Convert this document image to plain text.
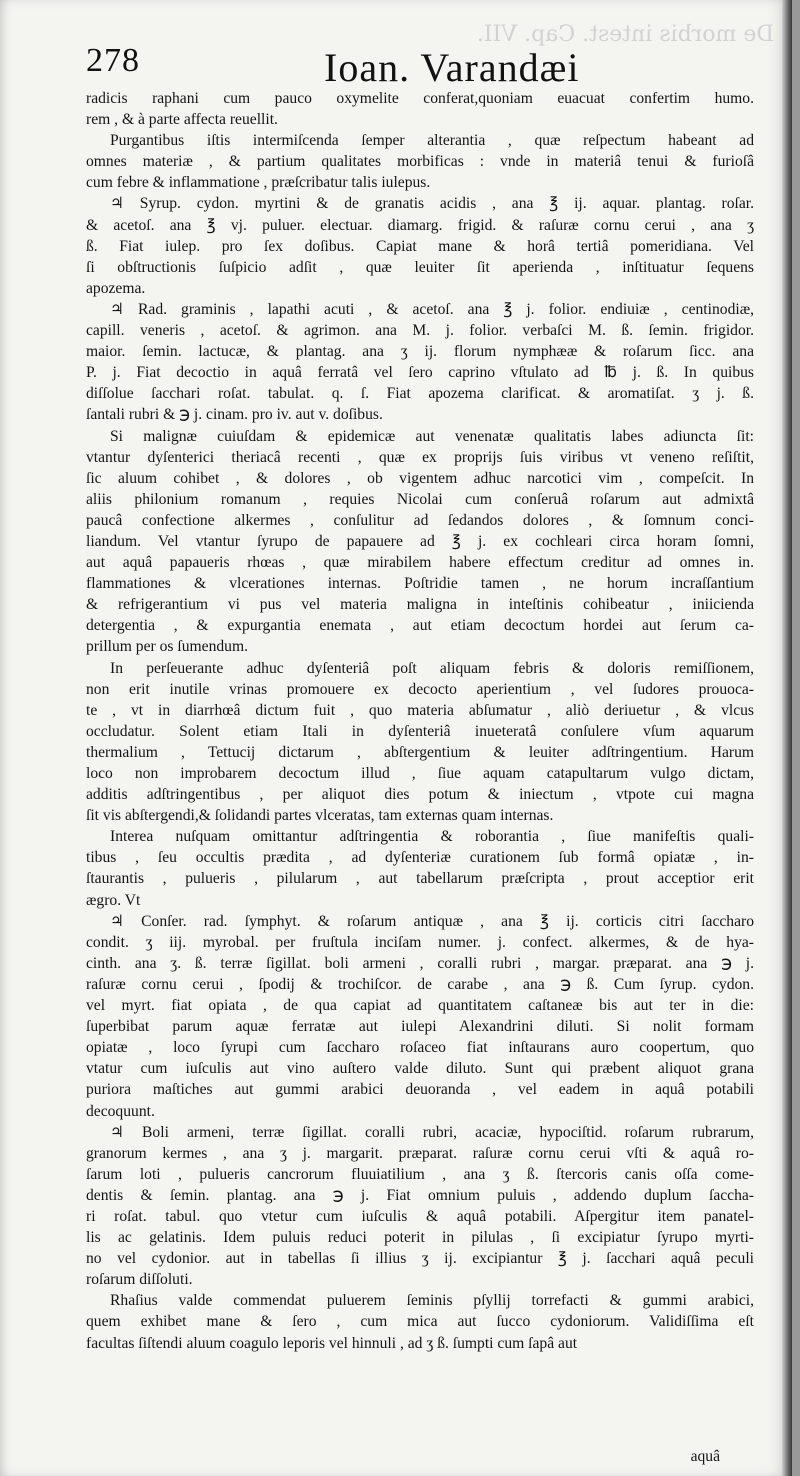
De morbis intest. Cap. VII.
278	Ioan. Varandæi
radicis raphani cum pauco oxymelite conferat,quoniam euacuat confertim humo.
rem , & à parte affecta reuellit.
Purgantibus iſtis intermiſcenda ſemper alterantia , quæ reſpectum habeant ad
omnes materiæ , & partium qualitates morbificas : vnde in materiâ tenui & furioſâ
cum febre & inflammatione , præſcribatur talis iulepus.
♃ Syrup. cydon. myrtini & de granatis acidis , ana ℥ ij. aquar. plantag. roſar.
& acetoſ. ana ℥ vj. puluer. electuar. diamarg. frigid. & raſuræ cornu cerui , ana ʒ
ß. Fiat iulep. pro ſex doſibus. Capiat mane & horâ tertiâ pomeridiana. Vel
ſi obſtructionis ſuſpicio adſit , quæ leuiter ſit aperienda , inſtituatur ſequens
apozema.
♃ Rad. graminis , lapathi acuti , & acetoſ. ana ℥ j. folior. endiuiæ , centinodiæ,
capill. veneris , acetoſ. & agrimon. ana M. j. folior. verbaſci M. ß. ſemin. frigidor.
maior. ſemin. lactucæ, & plantag. ana ʒ ij. florum nymphææ & roſarum ſicc. ana
P. j. Fiat decoctio in aquâ ferratâ vel ſero caprino vſtulato ad ℔ j. ß. In quibus
diſſolue ſacchari roſat. tabulat. q. ſ. Fiat apozema clarificat. & aromatiſat. ʒ j. ß.
ſantali rubri & ℈ j. cinam. pro iv. aut v. doſibus.
Si malignæ cuiuſdam & epidemicæ aut venenatæ qualitatis labes adiuncta ſit:
vtantur dyſenterici theriacâ recenti , quæ ex proprijs ſuis viribus vt veneno reſiſtit,
ſic aluum cohibet , & dolores , ob vigentem adhuc narcotici vim , compeſcit. In
aliis philonium romanum , requies Nicolai cum conſeruâ roſarum aut admixtâ
paucâ confectione alkermes , conſulitur ad ſedandos dolores , & ſomnum conci-
liandum. Vel vtantur ſyrupo de papauere ad ℥ j. ex cochleari circa horam ſomni,
aut aquâ papaueris rhœas , quæ mirabilem habere effectum creditur ad omnes in.
flammationes & vlcerationes internas. Poſtridie tamen , ne horum incraſſantium
& refrigerantium vi pus vel materia maligna in inteſtinis cohibeatur , iniicienda
detergentia , & expurgantia enemata , aut etiam decoctum hordei aut ſerum ca-
prillum per os ſumendum.
In perſeuerante adhuc dyſenteriâ poſt aliquam febris & doloris remiſſionem,
non erit inutile vrinas promouere ex decocto aperientium , vel ſudores prouoca-
te , vt in diarrhœâ dictum fuit , quo materia abſumatur , aliò deriuetur , & vlcus
occludatur. Solent etiam Itali in dyſenteriâ inueteratâ conſulere vſum aquarum
thermalium , Tettucij dictarum , abſtergentium & leuiter adſtringentium. Harum
loco non improbarem decoctum illud , ſiue aquam catapultarum vulgo dictam,
additis adſtringentibus , per aliquot dies potum & iniectum , vtpote cui magna
ſit vis abſtergendi,& ſolidandi partes vlceratas, tam externas quam internas.
Interea nuſquam omittantur adſtringentia & roborantia , ſiue manifeſtis quali-
tibus , ſeu occultis prædita , ad dyſenteriæ curationem ſub formâ opiatæ , in-
ſtaurantis , pulueris , pilularum , aut tabellarum præſcripta , prout acceptior erit
ægro. Vt
♃ Conſer. rad. ſymphyt. & roſarum antiquæ , ana ℥ ij. corticis citri ſaccharo
condit. ʒ iij. myrobal. per fruſtula inciſam numer. j. confect. alkermes, & de hya-
cinth. ana ʒ. ß. terræ ſigillat. boli armeni , coralli rubri , margar. præparat. ana ℈ j.
raſuræ cornu cerui , ſpodij & trochiſcor. de carabe , ana ℈ ß. Cum ſyrup. cydon.
vel myrt. fiat opiata , de qua capiat ad quantitatem caſtaneæ bis aut ter in die:
ſuperbibat parum aquæ ferratæ aut iulepi Alexandrini diluti. Si nolit formam
opiatæ , loco ſyrupi cum ſaccharo roſaceo fiat inſtaurans auro coopertum, quo
vtatur cum iuſculis aut vino auſtero valde diluto. Sunt qui præbent aliquot grana
puriora maſtiches aut gummi arabici deuoranda , vel eadem in aquâ potabili
decoquunt.
♃ Boli armeni, terræ ſigillat. coralli rubri, acaciæ, hypociſtid. roſarum rubrarum,
granorum kermes , ana ʒ j. margarit. præparat. raſuræ cornu cerui vſti & aquâ ro-
ſarum loti , pulueris cancrorum fluuiatilium , ana ʒ ß. ſtercoris canis oſſa come-
dentis & ſemin. plantag. ana ℈ j. Fiat omnium puluis , addendo duplum ſaccha-
ri roſat. tabul. quo vtetur cum iuſculis & aquâ potabili. Aſpergitur item panatel-
lis ac gelatinis. Idem puluis reduci poterit in pilulas , ſi excipiatur ſyrupo myrti-
no vel cydonior. aut in tabellas ſi illius ʒ ij. excipiantur ℥ j. ſacchari aquâ peculi
roſarum diſſoluti.
Rhaſius valde commendat puluerem ſeminis pſyllij torrefacti & gummi arabici,
quem exhibet mane & ſero , cum mica aut ſucco cydoniorum. Validiſſima eſt
facultas ſiſtendi aluum coagulo leporis vel hinnuli , ad ʒ ß. ſumpti cum ſapâ aut
aquâ
